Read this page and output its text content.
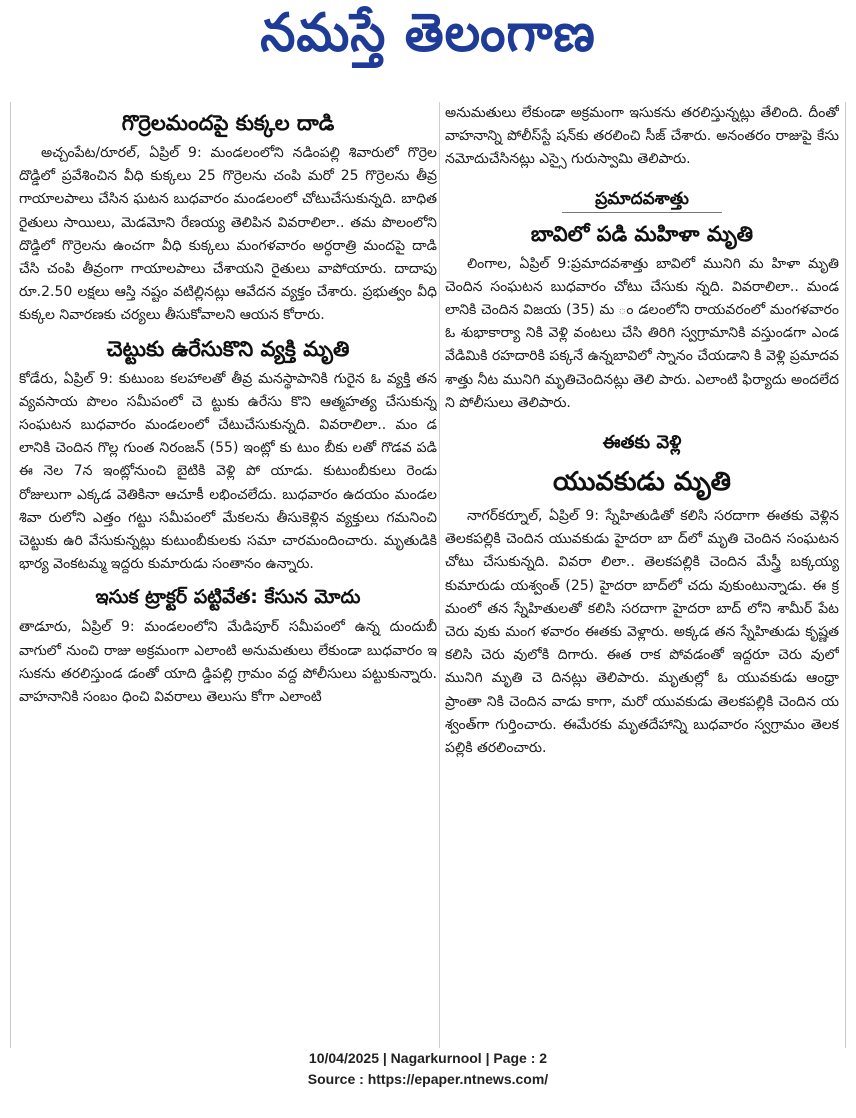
నమస్తే తెలంగాణ
గొర్రెలమందపై కుక్కల దాడి

అచ్చంపేట/రూరల్‌, ఏప్రిల్‌ 9: మండలంలోని నడింపల్లి శివారులో గొర్రెల దొడ్డిలో ప్రవేశించిన వీధి కుక్కలు 25 గొర్రెలను చంపి మరో 25 గొర్రెలను తీవ్ర గాయాలపాలు చేసిన ఘటన బుధవారం మండలంలో చోటుచేసుకున్నది. బాధిత రైతులు సాయిలు, మెడమోని రేణయ్య తెలిపిన వివరాలిలా.. తమ పొలంలోని దొడ్డిలో గొర్రెలను ఉంచగా వీధి కుక్కలు మంగళవారం అర్ధరాత్రి మందపై దాడి చేసి చంపి తీవ్రంగా గాయాలపాలు చేశాయని రైతులు వాపోయారు. దాదాపు రూ.2.50 లక్షలు ఆస్తి నష్టం వటిల్లినట్లు ఆవేదన వ్యక్తం చేశారు. ప్రభుత్వం వీధి కుక్కల నివారణకు చర్యలు తీసుకోవాలని ఆయన కోరారు.

చెట్టుకు ఉరేసుకొని వ్యక్తి మృతి

కోడేరు, ఏప్రిల్‌ 9: కుటుంబ కలహాలతో తీవ్ర మనస్థాపానికి గురైన ఓ వ్యక్తి తన వ్యవసాయ పొలం సమీపంలో చె ట్టుకు ఉరేసు కొని ఆత్మహత్య చేసుకున్న సంఘటన బుధవారం మండలంలో చేటుచేసుకున్నది. వివరాలిలా.. మం డలానికి చెందిన గొల్ల గుంత నిరంజన్‌ (55) ఇంట్లో కు టుం బీకు లతో గొడవ పడి ఈ నెల 7న ఇంట్లోనుంచి బైటికి వెళ్లి పో యాడు. కుటుంబీకులు రెండు రోజులుగా ఎక్కడ వెతికినా ఆచూకీ లభించలేదు. బుధవారం ఉదయం మండల శివా రులోని ఎత్తం గట్టు సమీపంలో మేకలను తీసుకెళ్లిన వ్యక్తులు గమనించి చెట్టుకు ఉరి వేసుకున్నట్లు కుటుంబీకులకు సమా చారమందించారు. మృతుడికి భార్య వెంకటమ్మ ఇద్దరు కుమారుడు సంతానం ఉన్నారు.

ఇసుక ట్రాక్టర్‌ పట్టివేత: కేసున మోదు

తాడూరు, ఏప్రిల్‌ 9: మండలంలోని మేడిపూర్‌ సమీపంలో ఉన్న దుందుబీ వాగులో నుంచి రాజు అక్రమంగా ఎలాంటి అనుమతులు లేకుండా బుధవారం ఇసుకను తరలిస్తుండ డంతో యాది డ్డిపల్లి గ్రామం వద్ద పోలీసులు పట్టుకున్నారు. వాహనానికి సంబం ధించి వివరాలు తెలుసు కోగా ఎలాంటి

అనుమతులు లేకుండా అక్రమంగా ఇసుకను తరలిస్తున్నట్లు తేలింది. దీంతో వాహనాన్ని పోలీస్‌స్టే షన్‌కు తరలించి సీజ్‌ చేశారు. అనంతరం రాజుపై కేసు నమోదుచేసినట్లు ఎస్సై గురుస్వామి తెలిపారు.

ప్రమాదవశాత్తు
బావిలో పడి మహిళా మృతి

లింగాల, ఏప్రిల్‌ 9:ప్రమాదవశాత్తు బావిలో మునిగి మ హిళా మృతి చెందిన సంఘటన బుధవారం చోటు చేసుకు న్నది. వివరాలిలా.. మండలానికి చెందిన విజయ (35) మ ం డలంలోని రాయవరంలో మంగళవారం ఓ శుభాకార్యా నికి వెళ్లి వంటలు చేసి తిరిగి స్వగ్రామానికి వస్తుండగా ఎండ వేడిమికి రహదారికి పక్కనే ఉన్నబావిలో స్నానం చేయడాని కి వెళ్లి ప్రమాదవశాత్తు నీట మునిగి మృతిచెందినట్లు తెలి పారు. ఎలాంటి ఫిర్యాదు అందలేదని పోలీసులు తెలిపారు.

ఈతకు వెళ్లి
యువకుడు మృతి

నాగర్‌కర్నూల్‌, ఏప్రిల్‌ 9: స్నేహితుడితో కలిసి సరదాగా ఈతకు వెళ్లిన తెలకపల్లికి చెందిన యువకుడు హైదరా బా ద్‌లో మృతి చెందిన సంఘటన చోటు చేసుకున్నది. వివరా లిలా.. తెలకపల్లికి చెందిన మేస్త్రీ బక్కయ్య కుమారుడు యశ్వంత్‌ (25) హైదరా బాద్‌లో చదు వుకుంటున్నాడు. ఈ క్రమంలో తన స్నేహితులతో కలిసి సరదాగా హైదరా బాద్‌ లోని శామీర్‌ పేట చెరు వుకు మంగ ళవారం ఈతకు వెళ్లారు. అక్కడ తన స్నేహితుడు కృష్ణత కలిసి చెరు వులోకి దిగారు. ఈత రాక పోవడంతో ఇద్దరూ చెరు వులో మునిగి మృతి చె దినట్లు తెలిపారు. మృతుల్లో ఓ యువకుడు ఆంధ్రా ప్రాంతా నికి చెందిన వాడు కాగా, మరో యువకుడు తెలకపల్లికి చెందిన యశ్వంత్‌గా గుర్తించారు. ఈమేరకు మృతదేహాన్ని బుధవారం స్వగ్రామం తెలకపల్లికి తరలించారు.

10/04/2025 | Nagarkurnool | Page : 2
Source : https://epaper.ntnews.com/
